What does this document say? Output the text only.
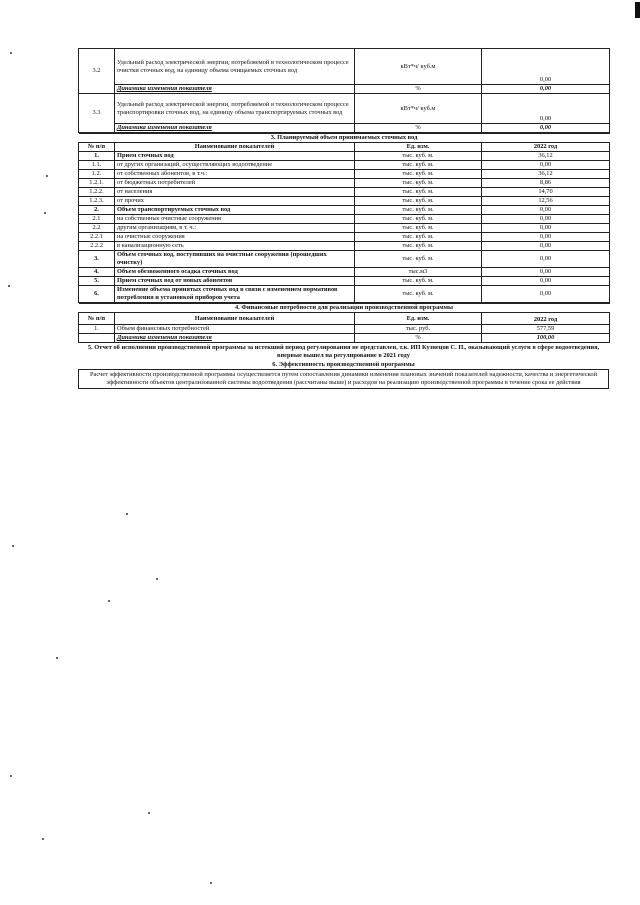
3.2	Удельный расход электрической энергии, потребляемой в технологическом процессе очистки сточных вод, на единицу объема очищаемых сточных вод	кВт*ч/ куб.м	0,00
	Динамика изменения показателя	%	0,00
3.3	Удельный расход электрической энергии, потребляемой в технологическом процессе транспортировки сточных вод, на единицу объема транспортируемых сточных вод	кВт*ч/ куб.м	0,00
	Динамика изменения показателя	%	0,00
3. Планируемый объем принимаемых сточных вод			
№ п/п	Наименование показателей	Ед. изм.	2022 год
1.	Прием сточных вод	тыс. куб. м.	36,12
1.1.	от других организаций, осуществляющих водоотведение	тыс. куб. м.	0,00
1.2.	от собственных абонентов, в т.ч.:	тыс. куб. м.	36,12
1.2.1.	от бюджетных потребителей	тыс. куб. м.	8,86
1.2.2.	от населения	тыс. куб. м.	14,70
1.2.3.	от прочих	тыс. куб. м.	12,56
2.	Объем транспортируемых сточных вод	тыс. куб. м.	0,00
2.1	на собственные очистные сооружения	тыс. куб. м.	0,00
2.2	другим организациям, в т. ч.:	тыс. куб. м.	0,00
2.2.1	на очистные сооружения	тыс. куб. м.	0,00
2.2.2	в канализационную сеть	тыс. куб. м.	0,00
3.	Объем сточных вод, поступивших на очистные сооружения (прошедших очистку)	тыс. куб. м.	0,00
4.	Объем обезвоженного осадка сточных вод	тыс.м3	0,00
5.	Прием сточных вод от новых абонентов	тыс. куб. м.	0,00
6.	Изменение объема принятых сточных вод в связи с изменением нормативов потребления и установкой приборов учета	тыс. куб. м.	0,00
4. Финансовые потребности для реализации производственной программы			
№ п/п	Наименование показателей	Ед. изм.	2022 год
1.	Объем финансовых потребностей	тыс. руб.	577,59
	Динамика изменения показателя	%	100,00
5. Отчет об исполнении производственной программы за истекший период регулирования не представлен, т.к. ИП Кузнецов С. П., оказывающий услуги в сфере водоотведения, впервые вышел на регулирование в 2021 году
6. Эффективность производственной программы
Расчет эффективности производственной программы осуществляется путем сопоставления динамики изменения плановых значений показателей надежности, качества и энергетической эффективности объектов централизованной системы водоотведения (рассчитаны выше) и расходов на реализацию производственной программы в течение срока ее действия
